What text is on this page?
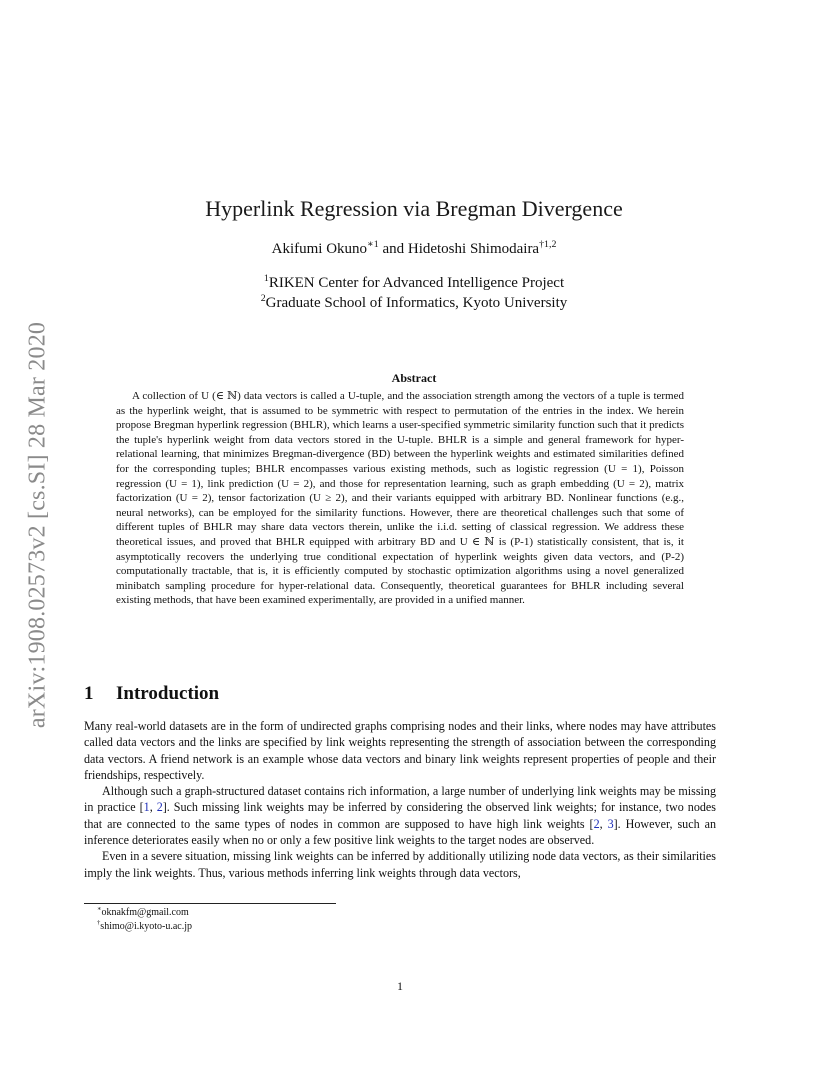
arXiv:1908.02573v2 [cs.SI] 28 Mar 2020
Hyperlink Regression via Bregman Divergence
Akifumi Okuno$^{∗1}$ and Hidetoshi Shimodaira$^{\dagger 1,2}$
$^1$RIKEN Center for Advanced Intelligence Project
$^2$Graduate School of Informatics, Kyoto University
Abstract
A collection of U (∈ ℕ) data vectors is called a U-tuple, and the association strength among the vectors of a tuple is termed as the hyperlink weight, that is assumed to be symmetric with respect to permutation of the entries in the index. We herein propose Bregman hyperlink regression (BHLR), which learns a user-specified symmetric similarity function such that it predicts the tuple's hyperlink weight from data vectors stored in the U-tuple. BHLR is a simple and general framework for hyper-relational learning, that minimizes Bregman-divergence (BD) between the hyperlink weights and estimated similarities defined for the corresponding tuples; BHLR encompasses various existing methods, such as logistic regression (U = 1), Poisson regression (U = 1), link prediction (U = 2), and those for representation learning, such as graph embedding (U = 2), matrix factorization (U = 2), tensor factorization (U ≥ 2), and their variants equipped with arbitrary BD. Nonlinear functions (e.g., neural networks), can be employed for the similarity functions. However, there are theoretical challenges such that some of different tuples of BHLR may share data vectors therein, unlike the i.i.d. setting of classical regression. We address these theoretical issues, and proved that BHLR equipped with arbitrary BD and U ∈ ℕ is (P-1) statistically consistent, that is, it asymptotically recovers the underlying true conditional expectation of hyperlink weights given data vectors, and (P-2) computationally tractable, that is, it is efficiently computed by stochastic optimization algorithms using a novel generalized minibatch sampling procedure for hyper-relational data. Consequently, theoretical guarantees for BHLR including several existing methods, that have been examined experimentally, are provided in a unified manner.
1 Introduction

Many real-world datasets are in the form of undirected graphs comprising nodes and their links, where nodes may have attributes called data vectors and the links are specified by link weights representing the strength of association between the corresponding data vectors. A friend network is an example whose data vectors and binary link weights represent properties of people and their friendships, respectively.

Although such a graph-structured dataset contains rich information, a large number of underlying link weights may be missing in practice [1, 2]. Such missing link weights may be inferred by considering the observed link weights; for instance, two nodes that are connected to the same types of nodes in common are supposed to have high link weights [2, 3]. However, such an inference deteriorates easily when no or only a few positive link weights to the target nodes are observed.

Even in a severe situation, missing link weights can be inferred by additionally utilizing node data vectors, as their similarities imply the link weights. Thus, various methods inferring link weights through data vectors,

∗oknakfm@gmail.com
†shimo@i.kyoto-u.ac.jp
1
